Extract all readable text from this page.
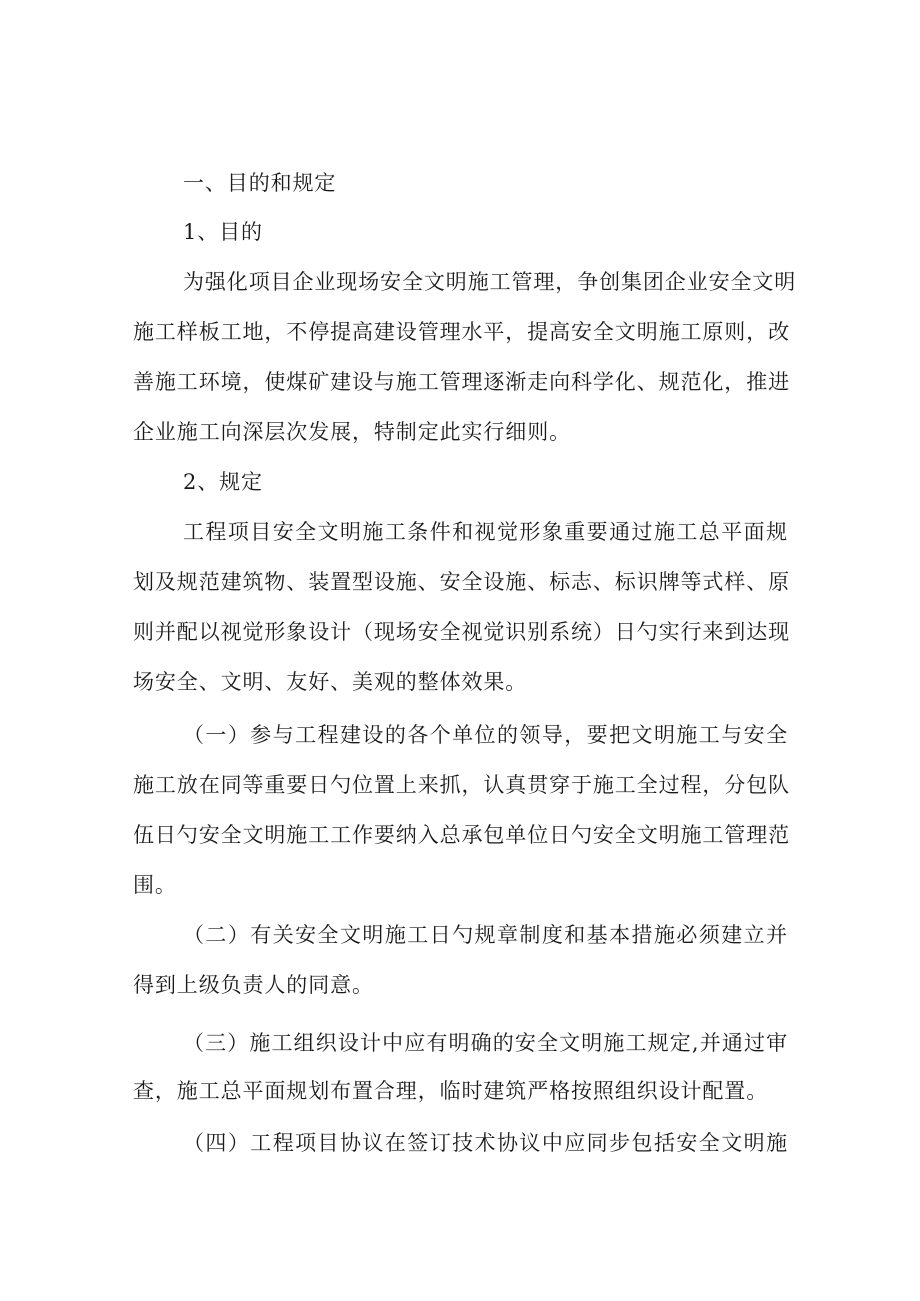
一、目的和规定
1、目的
为强化项目企业现场安全文明施工管理，争创集团企业安全文明
施工样板工地，不停提高建设管理水平，提高安全文明施工原则，改
善施工环境，使煤矿建设与施工管理逐渐走向科学化、规范化，推进
企业施工向深层次发展，特制定此实行细则。
2、规定
工程项目安全文明施工条件和视觉形象重要通过施工总平面规
划及规范建筑物、装置型设施、安全设施、标志、标识牌等式样、原
则并配以视觉形象设计（现场安全视觉识别系统）日勺实行来到达现
场安全、文明、友好、美观的整体效果。
（一）参与工程建设的各个单位的领导，要把文明施工与安全
施工放在同等重要日勺位置上来抓，认真贯穿于施工全过程，分包队
伍日勺安全文明施工工作要纳入总承包单位日勺安全文明施工管理范
围。
（二）有关安全文明施工日勺规章制度和基本措施必须建立并
得到上级负责人的同意。
（三）施工组织设计中应有明确的安全文明施工规定,并通过审
查，施工总平面规划布置合理，临时建筑严格按照组织设计配置。
（四）工程项目协议在签订技术协议中应同步包括安全文明施
